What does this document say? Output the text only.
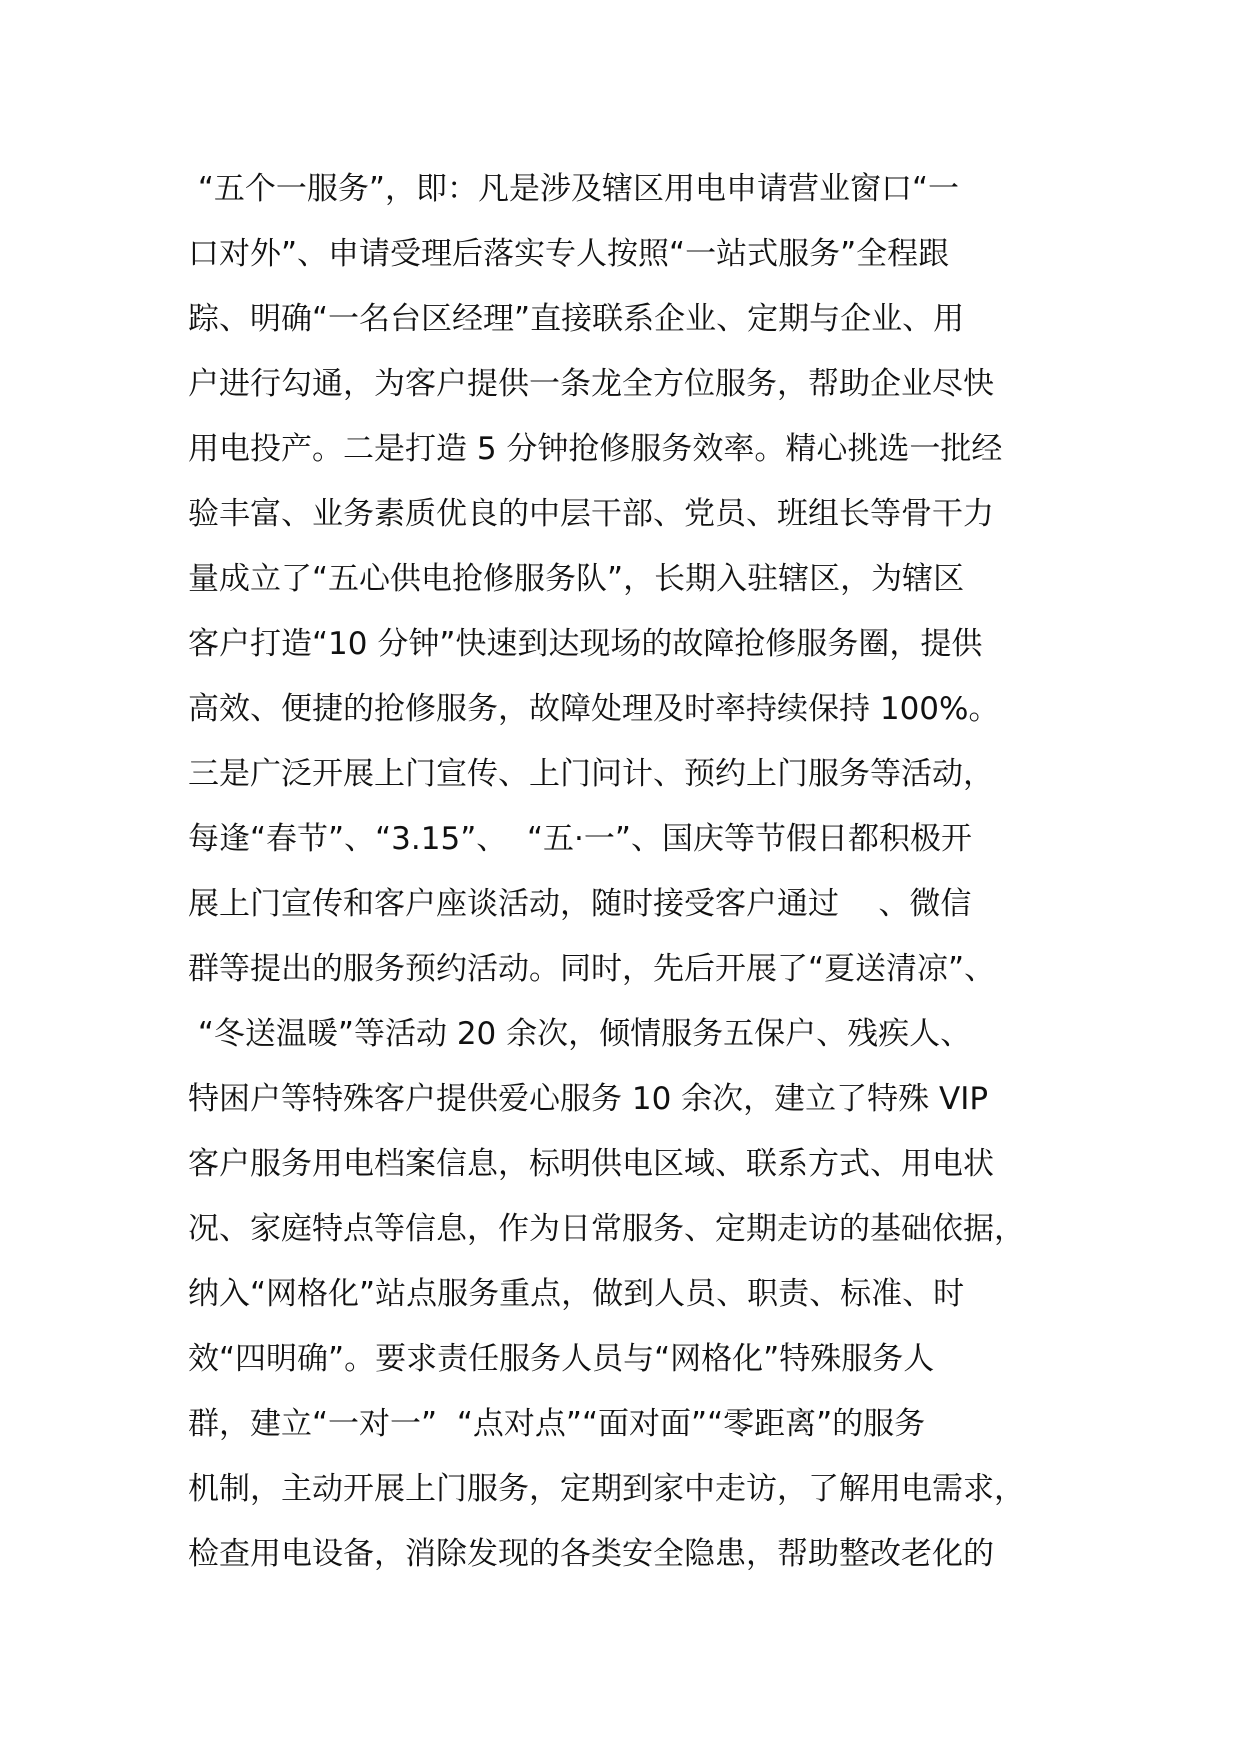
“五个一服务”，即：凡是涉及辖区用电申请营业窗口“一
口对外”、申请受理后落实专人按照“一站式服务”全程跟
踪、明确“一名台区经理”直接联系企业、定期与企业、用
户进行勾通，为客户提供一条龙全方位服务，帮助企业尽快
用电投产。二是打造 5 分钟抢修服务效率。精心挑选一批经
验丰富、业务素质优良的中层干部、党员、班组长等骨干力
量成立了“五心供电抢修服务队”，长期入驻辖区，为辖区
客户打造“10 分钟”快速到达现场的故障抢修服务圈，提供
高效、便捷的抢修服务，故障处理及时率持续保持 100%。
三是广泛开展上门宣传、上门问计、预约上门服务等活动，
每逢“春节”、“3.15”、  “五·一”、国庆等节假日都积极开
展上门宣传和客户座谈活动，随时接受客户通过    、微信
群等提出的服务预约活动。同时，先后开展了“夏送清凉”、
“冬送温暖”等活动 20 余次，倾情服务五保户、残疾人、
特困户等特殊客户提供爱心服务 10 余次，建立了特殊 VIP
客户服务用电档案信息，标明供电区域、联系方式、用电状
况、家庭特点等信息，作为日常服务、定期走访的基础依据，
纳入“网格化”站点服务重点，做到人员、职责、标准、时
效“四明确”。要求责任服务人员与“网格化”特殊服务人
群，建立“一对一”  “点对点”“面对面”“零距离”的服务
机制，主动开展上门服务，定期到家中走访，了解用电需求，
检查用电设备，消除发现的各类安全隐患，帮助整改老化的
